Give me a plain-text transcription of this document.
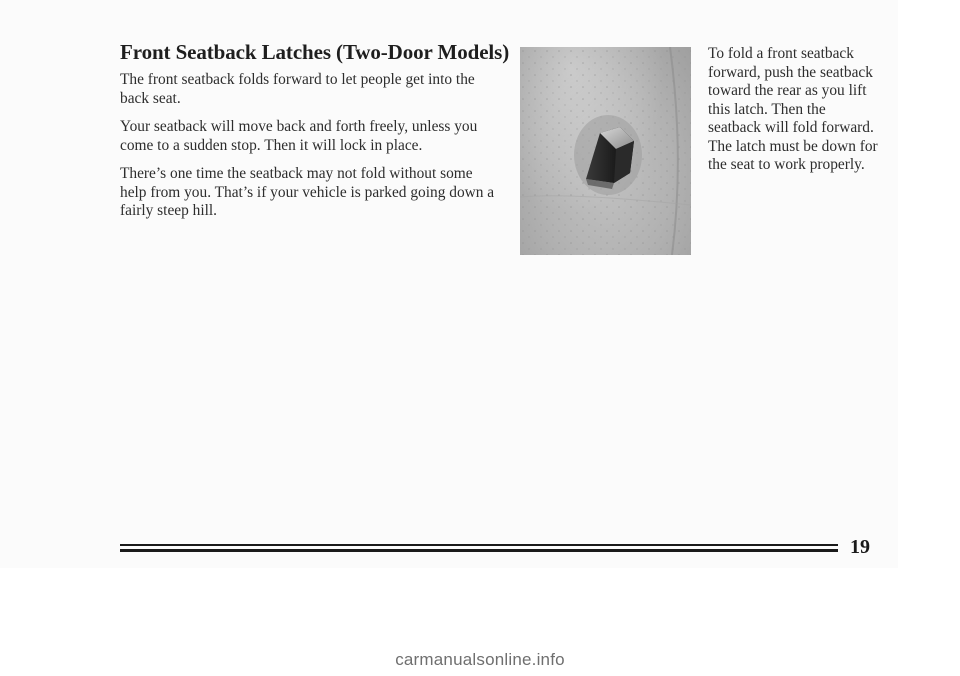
Front Seatback Latches (Two-Door Models)

The front seatback folds forward to let people get into the back seat.

Your seatback will move back and forth freely, unless you come to a sudden stop. Then it will lock in place.

There’s one time the seatback may not fold without some help from you. That’s if your vehicle is parked going down a fairly steep hill.

To fold a front seatback forward, push the seatback toward the rear as you lift this latch. Then the seatback will fold forward. The latch must be down for the seat to work properly.

19
carmanualsonline.info
